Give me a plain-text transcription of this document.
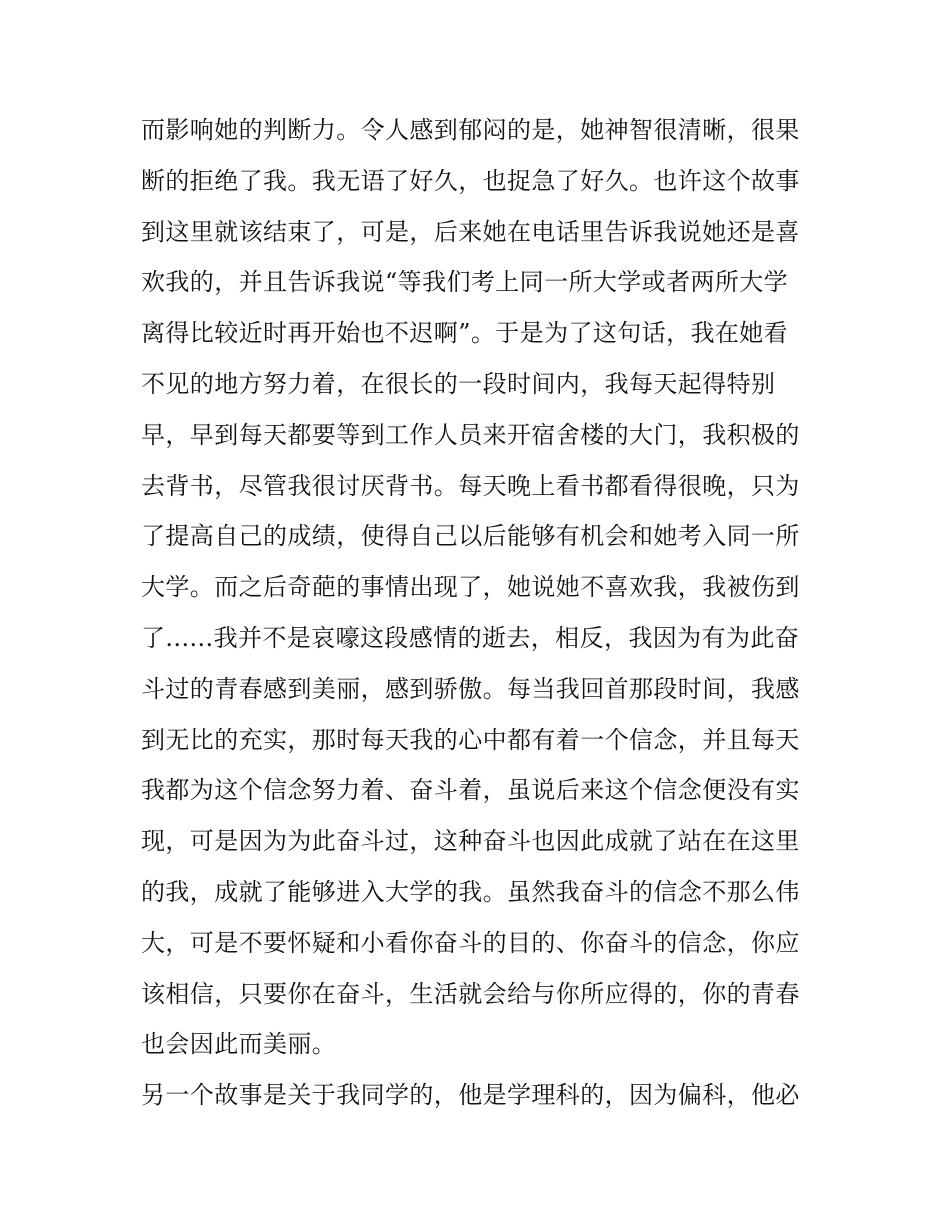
而影响她的判断力。令人感到郁闷的是，她神智很清晰，很果
断的拒绝了我。我无语了好久，也捉急了好久。也许这个故事
到这里就该结束了，可是，后来她在电话里告诉我说她还是喜
欢我的，并且告诉我说“等我们考上同一所大学或者两所大学
离得比较近时再开始也不迟啊”。于是为了这句话，我在她看
不见的地方努力着，在很长的一段时间内，我每天起得特别
早，早到每天都要等到工作人员来开宿舍楼的大门，我积极的
去背书，尽管我很讨厌背书。每天晚上看书都看得很晚，只为
了提高自己的成绩，使得自己以后能够有机会和她考入同一所
大学。而之后奇葩的事情出现了，她说她不喜欢我，我被伤到
了......我并不是哀嚎这段感情的逝去，相反，我因为有为此奋
斗过的青春感到美丽，感到骄傲。每当我回首那段时间，我感
到无比的充实，那时每天我的心中都有着一个信念，并且每天
我都为这个信念努力着、奋斗着，虽说后来这个信念便没有实
现，可是因为为此奋斗过，这种奋斗也因此成就了站在在这里
的我，成就了能够进入大学的我。虽然我奋斗的信念不那么伟
大，可是不要怀疑和小看你奋斗的目的、你奋斗的信念，你应
该相信，只要你在奋斗，生活就会给与你所应得的，你的青春
也会因此而美丽。
另一个故事是关于我同学的，他是学理科的，因为偏科，他必
